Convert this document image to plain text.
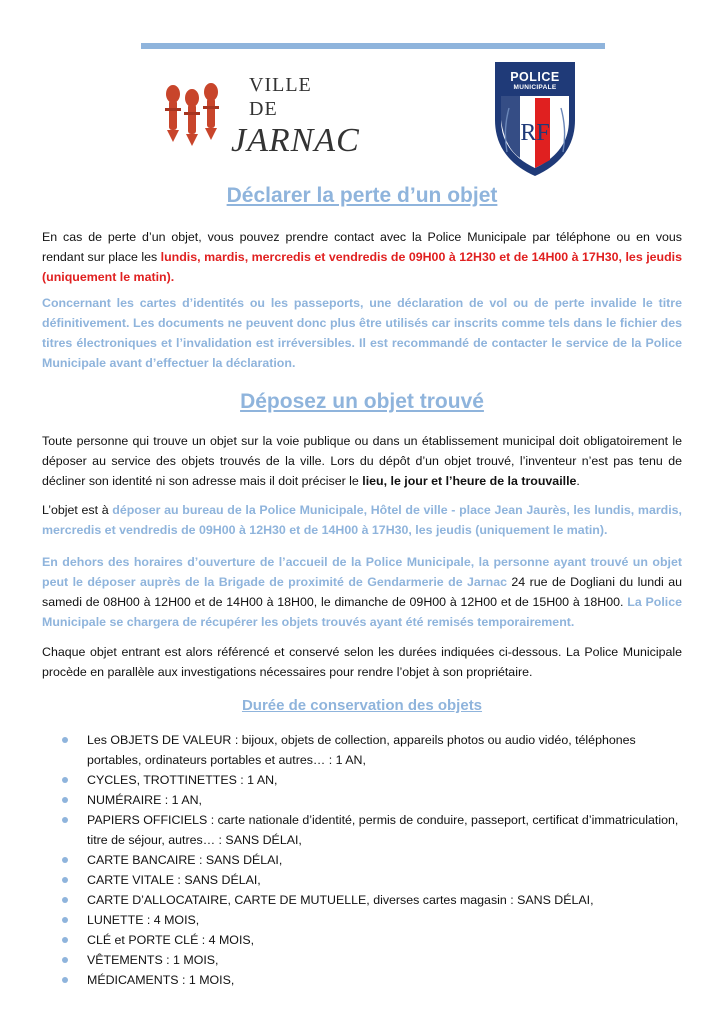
VILLE
DE
JARNAC	RF
POLICE
MUNICIPALE
Déclarer la perte d’un objet
En cas de perte d’un objet, vous pouvez prendre contact avec la Police Municipale par téléphone ou en vous rendant sur place les lundis, mardis, mercredis et vendredis de 09H00 à 12H30 et de 14H00 à 17H30, les jeudis (uniquement le matin).
Concernant les cartes d’identités ou les passeports, une déclaration de vol ou de perte invalide le titre définitivement. Les documents ne peuvent donc plus être utilisés car inscrits comme tels dans le fichier des titres électroniques et l’invalidation est irréversibles. Il est recommandé de contacter le service de la Police Municipale avant d’effectuer la déclaration.
Déposez un objet trouvé
Toute personne qui trouve un objet sur la voie publique ou dans un établissement municipal doit obligatoirement le déposer au service des objets trouvés de la ville. Lors du dépôt d’un objet trouvé, l’inventeur n’est pas tenu de décliner son identité ni son adresse mais il doit préciser le lieu, le jour et l’heure de la trouvaille.
L’objet est à déposer au bureau de la Police Municipale, Hôtel de ville - place Jean Jaurès, les lundis, mardis, mercredis et vendredis de 09H00 à 12H30 et de 14H00 à 17H30, les jeudis (uniquement le matin).
En dehors des horaires d’ouverture de l’accueil de la Police Municipale, la personne ayant trouvé un objet peut le déposer auprès de la Brigade de proximité de Gendarmerie de Jarnac 24 rue de Dogliani du lundi au samedi de 08H00 à 12H00 et de 14H00 à 18H00, le dimanche de 09H00 à 12H00 et de 15H00 à 18H00. La Police Municipale se chargera de récupérer les objets trouvés ayant été remisés temporairement.
Chaque objet entrant est alors référencé et conservé selon les durées indiquées ci-dessous. La Police Municipale procède en parallèle aux investigations nécessaires pour rendre l’objet à son propriétaire.
Durée de conservation des objets
Les OBJETS DE VALEUR : bijoux, objets de collection, appareils photos ou audio vidéo, téléphones portables, ordinateurs portables et autres… : 1 AN,
CYCLES, TROTTINETTES : 1 AN,
NUMÉRAIRE : 1 AN,
PAPIERS OFFICIELS : carte nationale d’identité, permis de conduire, passeport, certificat d’immatriculation, titre de séjour, autres… : SANS DÉLAI,
CARTE BANCAIRE : SANS DÉLAI,
CARTE VITALE : SANS DÉLAI,
CARTE D’ALLOCATAIRE, CARTE DE MUTUELLE, diverses cartes magasin : SANS DÉLAI,
LUNETTE : 4 MOIS,
CLÉ et PORTE CLÉ : 4 MOIS,
VÊTEMENTS : 1 MOIS,
MÉDICAMENTS : 1 MOIS,
